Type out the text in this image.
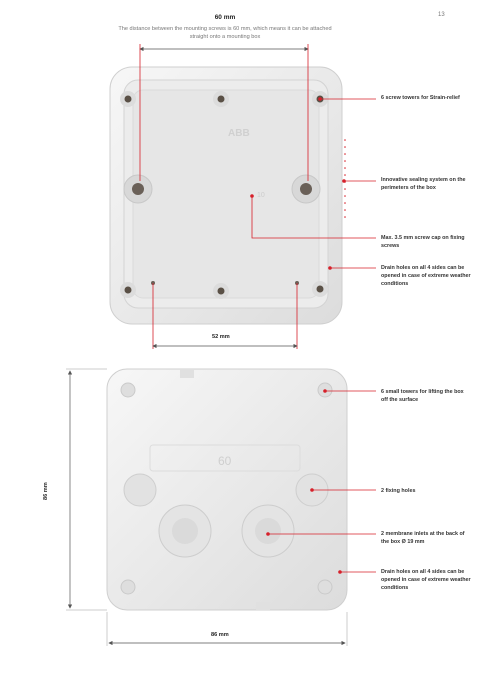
13
60 mm
The distance between the mounting screws is 60 mm, which means it can be attached straight onto a mounting box
ABB
10
60
52 mm
86 mm
86 mm
6 screw towers for Strain-relief
Innovative sealing system on the perimeters of the box
Max. 3.5 mm screw cap on fixing screws
Drain holes on all 4 sides can be opened in case of extreme weather conditions
6 small towers for lifting the box off the surface
2 fixing holes
2 membrane inlets at the back of the box Ø 19 mm
Drain holes on all 4 sides can be opened in case of extreme weather conditions
